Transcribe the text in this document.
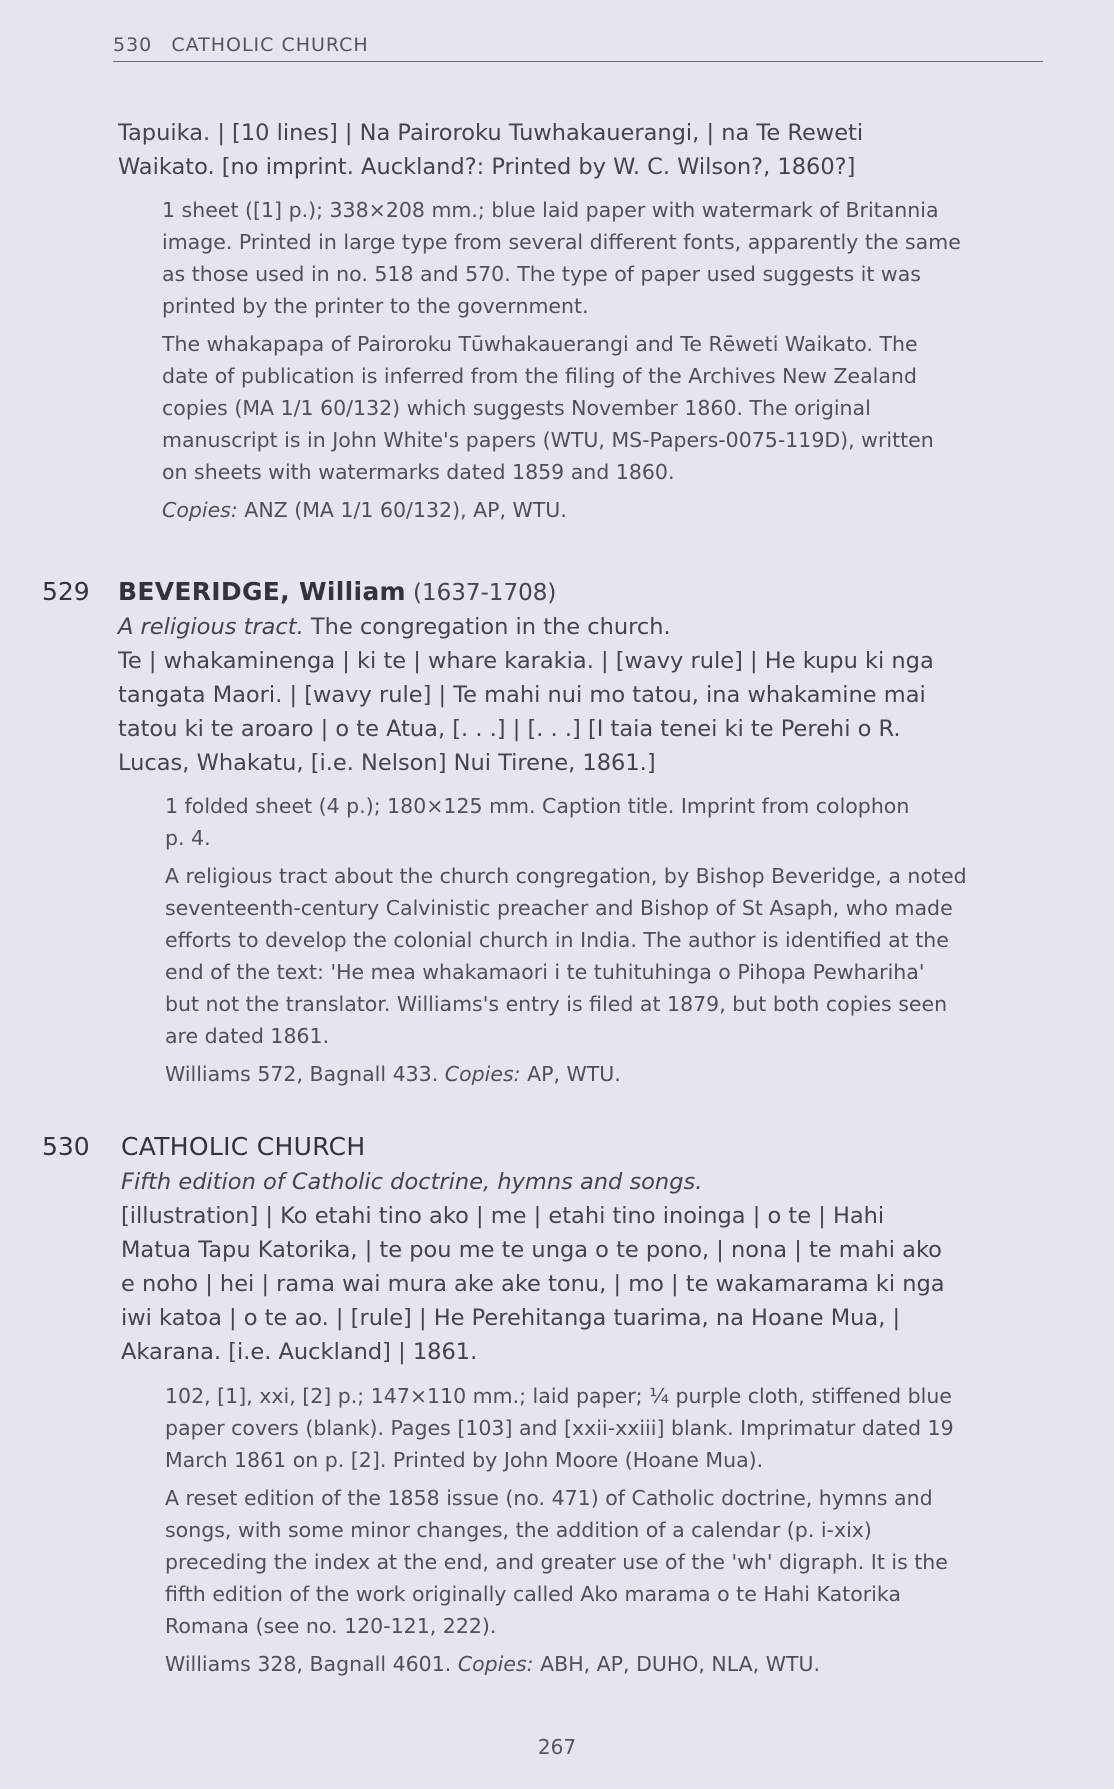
530 CATHOLIC CHURCH

Tapuika. | [10 lines] | Na Pairoroku Tuwhakauerangi, | na Te Reweti

Waikato. [no imprint. Auckland?: Printed by W. C. Wilson?, 1860?]

1 sheet ([1] p.); 338×208 mm.; blue laid paper with watermark of Britannia
image. Printed in large type from several different fonts, apparently the same
as those used in no. 518 and 570. The type of paper used suggests it was
printed by the printer to the government.
The whakapapa of Pairoroku Tūwhakauerangi and Te Rēweti Waikato. The
date of publication is inferred from the filing of the Archives New Zealand
copies (MA 1/1 60/132) which suggests November 1860. The original
manuscript is in John White's papers (WTU, MS-Papers-0075-119D), written
on sheets with watermarks dated 1859 and 1860.
Copies: ANZ (MA 1/1 60/132), AP, WTU.
529 BEVERIDGE, William (1637-1708)

A religious tract. The congregation in the church.

Te | whakaminenga | ki te | whare karakia. | [wavy rule] | He kupu ki nga

tangata Maori. | [wavy rule] | Te mahi nui mo tatou, ina whakamine mai

tatou ki te aroaro | o te Atua, [. . .] | [. . .] [I taia tenei ki te Perehi o R.

Lucas, Whakatu, [i.e. Nelson] Nui Tirene, 1861.]

1 folded sheet (4 p.); 180×125 mm. Caption title. Imprint from colophon
p. 4.
A religious tract about the church congregation, by Bishop Beveridge, a noted
seventeenth-century Calvinistic preacher and Bishop of St Asaph, who made
efforts to develop the colonial church in India. The author is identified at the
end of the text: 'He mea whakamaori i te tuhituhinga o Pihopa Pewhariha'
but not the translator. Williams's entry is filed at 1879, but both copies seen
are dated 1861.
Williams 572, Bagnall 433. Copies: AP, WTU.
530 CATHOLIC CHURCH

Fifth edition of Catholic doctrine, hymns and songs.

[illustration] | Ko etahi tino ako | me | etahi tino inoinga | o te | Hahi

Matua Tapu Katorika, | te pou me te unga o te pono, | nona | te mahi ako

e noho | hei | rama wai mura ake ake tonu, | mo | te wakamarama ki nga

iwi katoa | o te ao. | [rule] | He Perehitanga tuarima, na Hoane Mua, |

Akarana. [i.e. Auckland] | 1861.

102, [1], xxi, [2] p.; 147×110 mm.; laid paper; ¼ purple cloth, stiffened blue
paper covers (blank). Pages [103] and [xxii-xxiii] blank. Imprimatur dated 19
March 1861 on p. [2]. Printed by John Moore (Hoane Mua).
A reset edition of the 1858 issue (no. 471) of Catholic doctrine, hymns and
songs, with some minor changes, the addition of a calendar (p. i-xix)
preceding the index at the end, and greater use of the 'wh' digraph. It is the
fifth edition of the work originally called Ako marama o te Hahi Katorika
Romana (see no. 120-121, 222).
Williams 328, Bagnall 4601. Copies: ABH, AP, DUHO, NLA, WTU.
267
